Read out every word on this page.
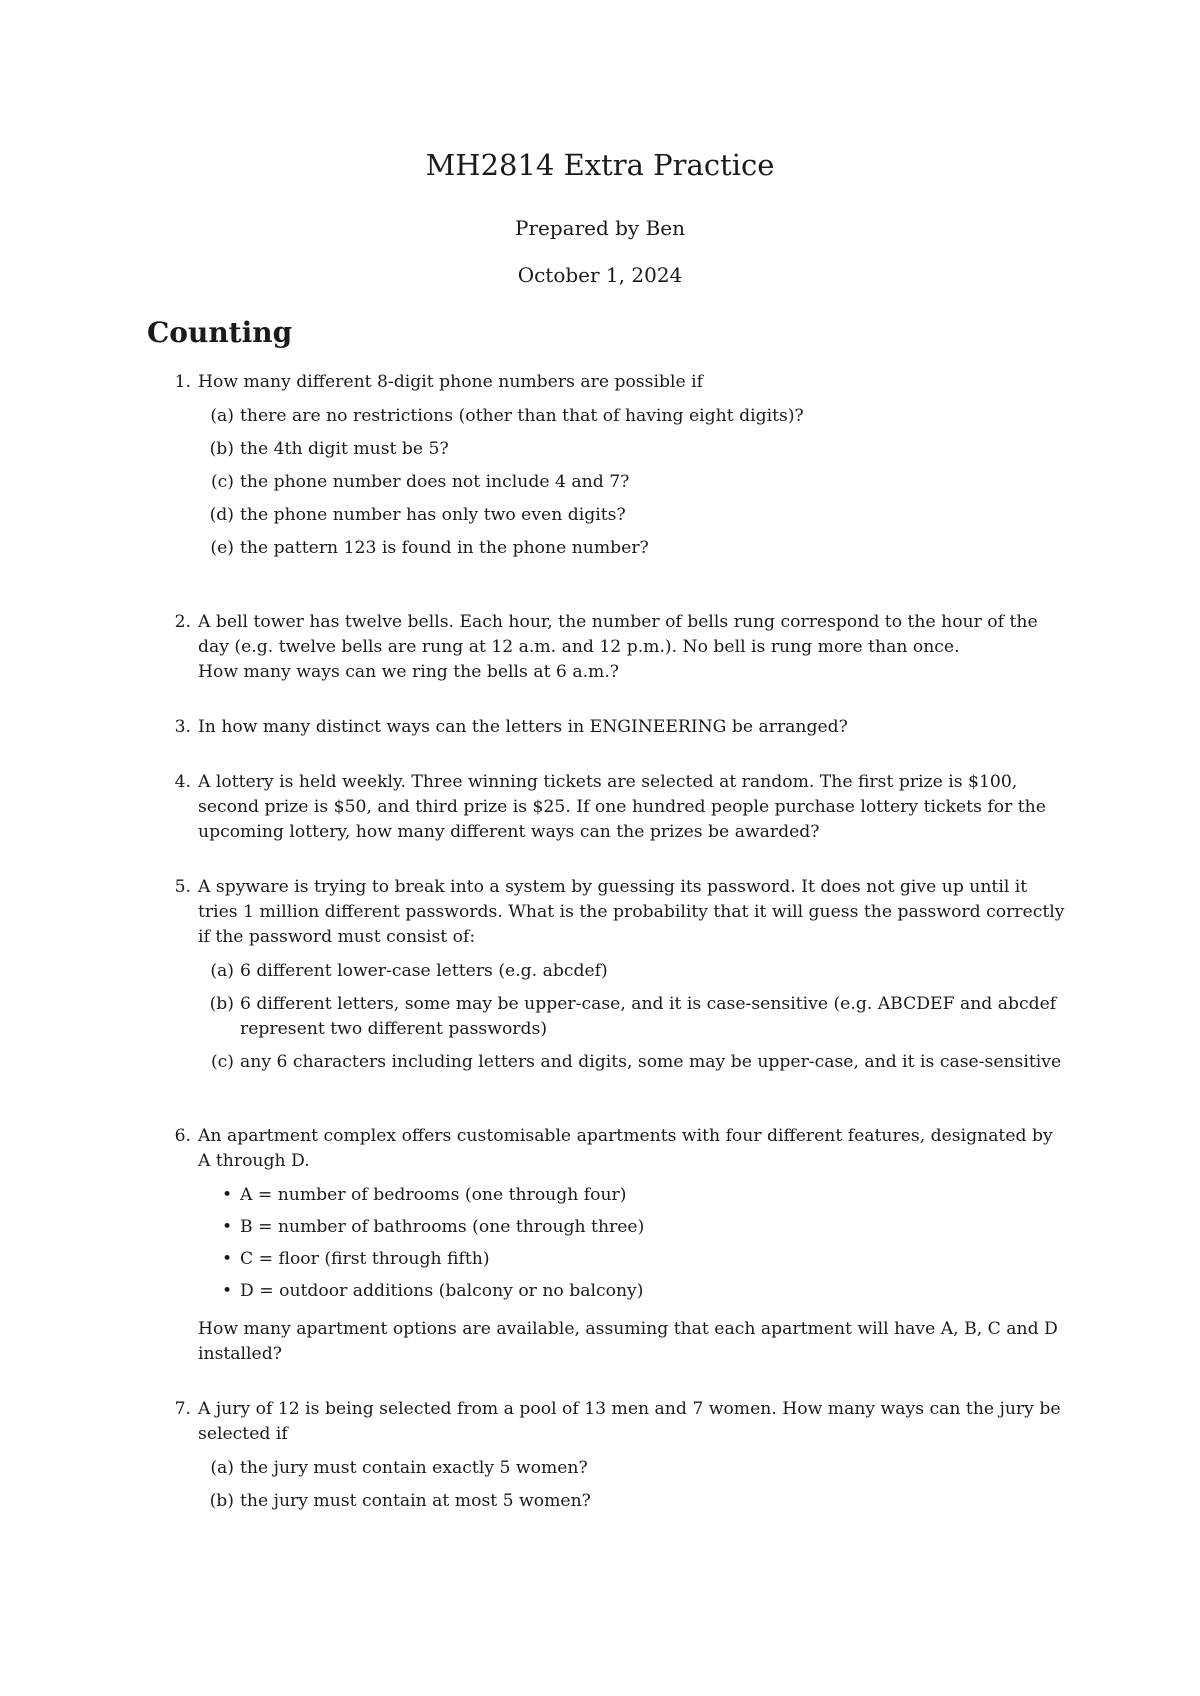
MH2814 Extra Practice
Prepared by Ben
October 1, 2024
Counting
1. How many different 8-digit phone numbers are possible if

(a) there are no restrictions (other than that of having eight digits)?
(b) the 4th digit must be 5?
(c) the phone number does not include 4 and 7?
(d) the phone number has only two even digits?
(e) the pattern 123 is found in the phone number?
2. A bell tower has twelve bells. Each hour, the number of bells rung correspond to the hour of the day (e.g. twelve bells are rung at 12 a.m. and 12 p.m.). No bell is rung more than once.

How many ways can we ring the bells at 6 a.m.?

3. In how many distinct ways can the letters in ENGINEERING be arranged?

4. A lottery is held weekly. Three winning tickets are selected at random. The first prize is $100, second prize is $50, and third prize is $25. If one hundred people purchase lottery tickets for the upcoming lottery, how many different ways can the prizes be awarded?

5. A spyware is trying to break into a system by guessing its password. It does not give up until it tries 1 million different passwords. What is the probability that it will guess the password correctly if the password must consist of:

(a) 6 different lower-case letters (e.g. abcdef)
(b) 6 different letters, some may be upper-case, and it is case-sensitive (e.g. ABCDEF and abcdef represent two different passwords)
(c) any 6 characters including letters and digits, some may be upper-case, and it is case-sensitive
6. An apartment complex offers customisable apartments with four different features, designated by A through D.

• A = number of bedrooms (one through four)
• B = number of bathrooms (one through three)
• C = floor (first through fifth)
• D = outdoor additions (balcony or no balcony)

How many apartment options are available, assuming that each apartment will have A, B, C and D installed?

7. A jury of 12 is being selected from a pool of 13 men and 7 women. How many ways can the jury be selected if

(a) the jury must contain exactly 5 women?
(b) the jury must contain at most 5 women?
